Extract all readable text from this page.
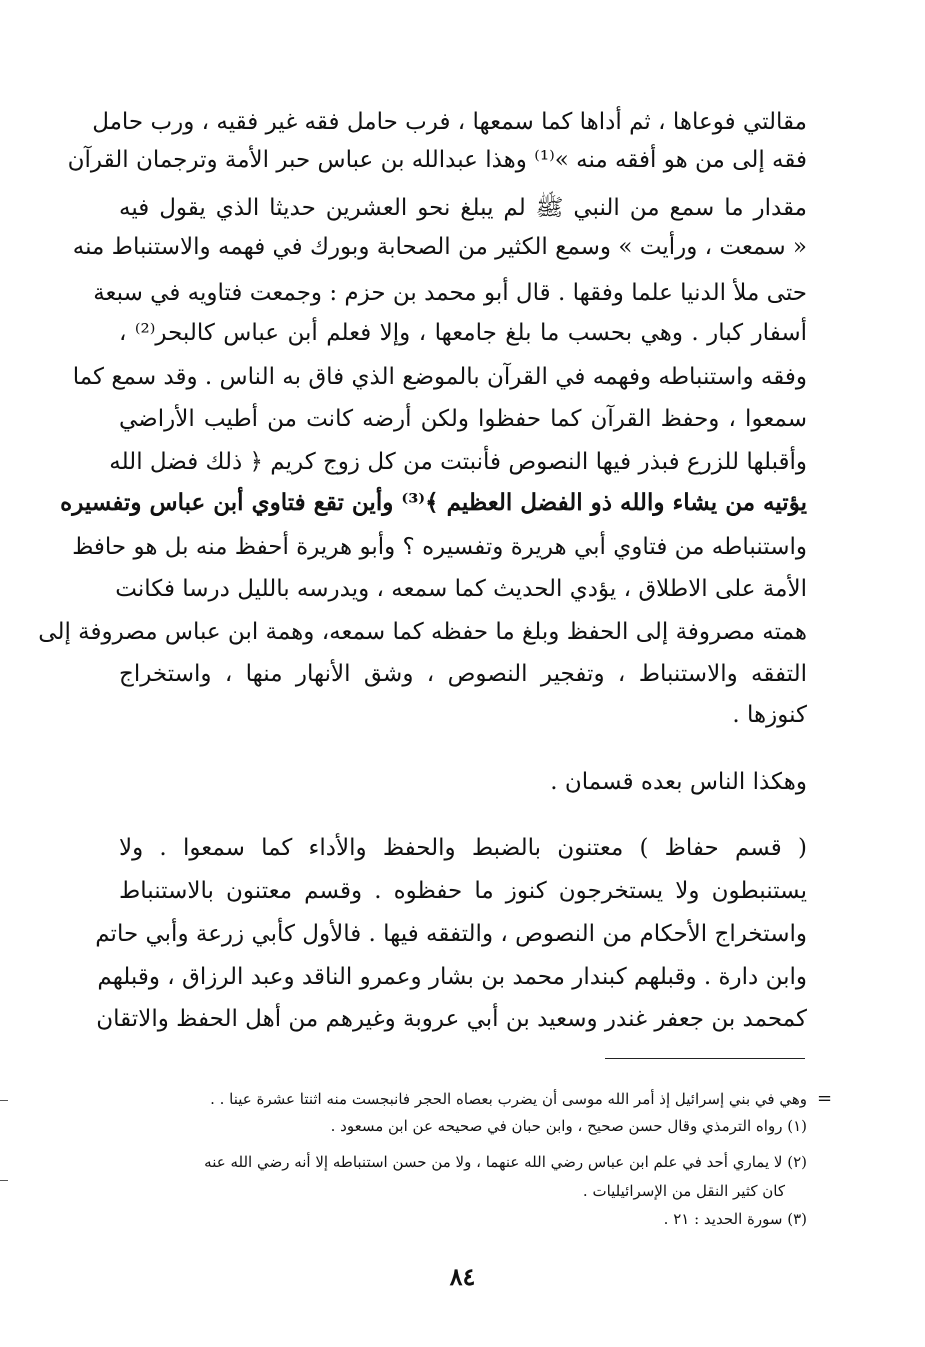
مقالتي فوعاها ، ثم أداها كما سمعها ، فرب حامل فقه غير فقيه ، ورب حامل
فقه إلى من هو أفقه منه »⁽¹⁾ وهذا عبدالله بن عباس حبر الأمة وترجمان القرآن
مقدار ما سمع من النبي ﷺ لم يبلغ نحو العشرين حديثا الذي يقول فيه
« سمعت ، ورأيت » وسمع الكثير من الصحابة وبورك في فهمه والاستنباط منه
حتى ملأ الدنيا علما وفقها . قال أبو محمد بن حزم : وجمعت فتاويه في سبعة
أسفار كبار . وهي بحسب ما بلغ جامعها ، وإلا فعلم أبن عباس كالبحر⁽²⁾ ،
وفقه واستنباطه وفهمه في القرآن بالموضع الذي فاق به الناس . وقد سمع كما
سمعوا ، وحفظ القرآن كما حفظوا ولكن أرضه كانت من أطيب الأراضي
وأقبلها للزرع فبذر فيها النصوص فأنبتت من كل زوج كريم ﴿ ذلك فضل الله
يؤتيه من يشاء والله ذو الفضل العظيم ﴾⁽³⁾ وأين تقع فتاوي أبن عباس وتفسيره
واستنباطه من فتاوي أبي هريرة وتفسيره ؟ وأبو هريرة أحفظ منه بل هو حافظ
الأمة على الاطلاق ، يؤدي الحديث كما سمعه ، ويدرسه بالليل درسا فكانت
همته مصروفة إلى الحفظ وبلغ ما حفظه كما سمعه، وهمة ابن عباس مصروفة إلى
التفقه والاستنباط ، وتفجير النصوص ، وشق الأنهار منها ، واستخراج
كنوزها .
وهكذا الناس بعده قسمان .
( قسم حفاظ ) معتنون بالضبط والحفظ والأداء كما سمعوا . ولا
يستنبطون ولا يستخرجون كنوز ما حفظوه . وقسم معتنون بالاستنباط
واستخراج الأحكام من النصوص ، والتفقه فيها . فالأول كأبي زرعة وأبي حاتم
وابن دارة . وقبلهم كبندار محمد بن بشار وعمرو الناقد وعبد الرزاق ، وقبلهم
كمحمد بن جعفر غندر وسعيد بن أبي عروبة وغيرهم من أهل الحفظ والاتقان
=
وهي في بني إسرائيل إذ أمر الله موسى أن يضرب بعصاه الحجر فانبجست منه اثنتا عشرة عينا . .
(١) رواه الترمذي وقال حسن صحيح ، وابن حبان في صحيحه عن ابن مسعود .
(٢) لا يماري أحد في علم ابن عباس رضي الله عنهما ، ولا من حسن استنباطه إلا أنه رضي الله عنه
كان كثير النقل من الإسرائيليات .
(٣) سورة الحديد : ٢١ .
٨٤
